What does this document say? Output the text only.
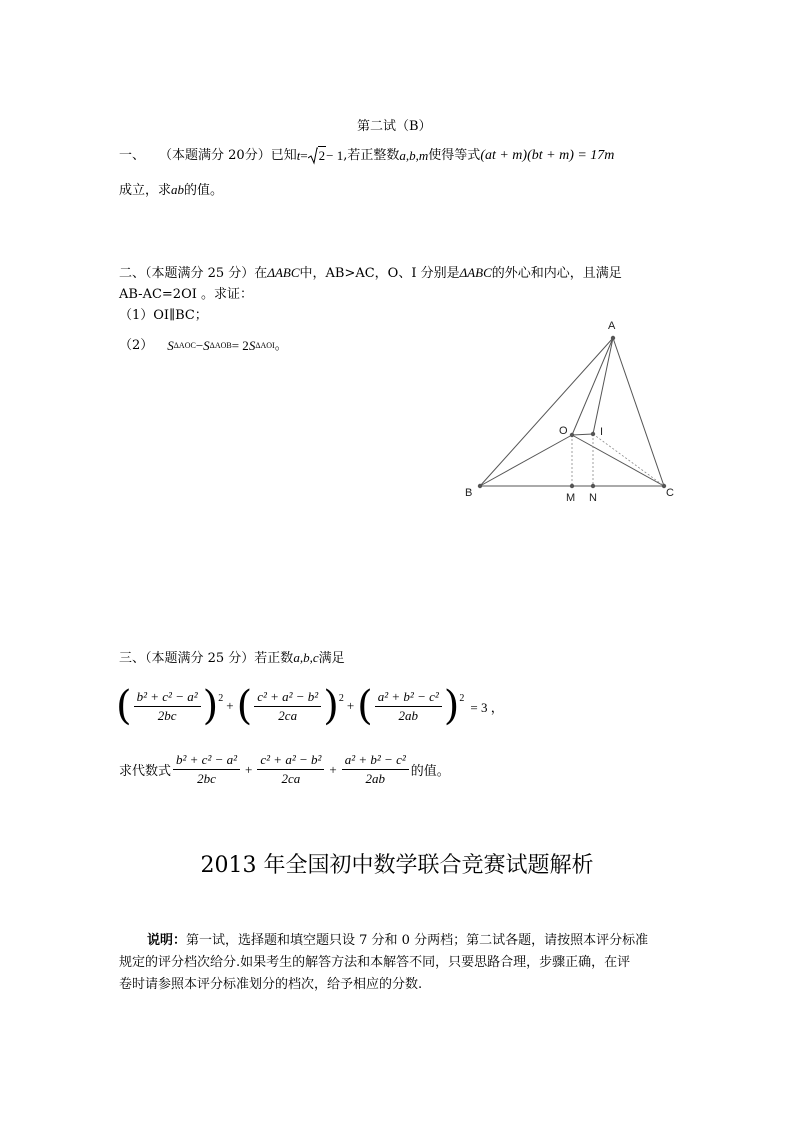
第二试（B）
一、 （本题满分 20分）已知 t = 2 − 1 ,若正整数 a,b,m 使得等式 (at + m)(bt + m) = 17m
成立，求ab的值。
二、（本题满分 25 分）在ΔABC中，AB>AC，O、I 分别是ΔABC的外心和内心，且满足
AB-AC=2OI 。求证：
（1）OI∥BC；
（2） S ΔAOC − S ΔAOB = 2 S ΔAOI 。
A
O	I
B	M N	C
三、（本题满分 25 分）若正数a,b,c满足
( $\frac{\text{b² + c² − a²}}{2bc} )^2$ + ( $\frac{\text{c² + a² − b²}}{2ca} )^2$ + ( $\frac{\text{a² + b² − c²}}{2ab} )^2$
= 3 ，
求代数式 $\frac{\text{b² + c² − a²}}{2bc} + \frac{\text{c² + a² − b²}}{2ca} + \frac{\text{a² + b² − c²}}{2ab}$ 的值。
2013 年全国初中数学联合竞赛试题解析
说明：第一试，选择题和填空题只设 7 分和 0 分两档；第二试各题，请按照本评分标准
规定的评分档次给分.如果考生的解答方法和本解答不同，只要思路合理，步骤正确，在评
卷时请参照本评分标准划分的档次，给予相应的分数.
